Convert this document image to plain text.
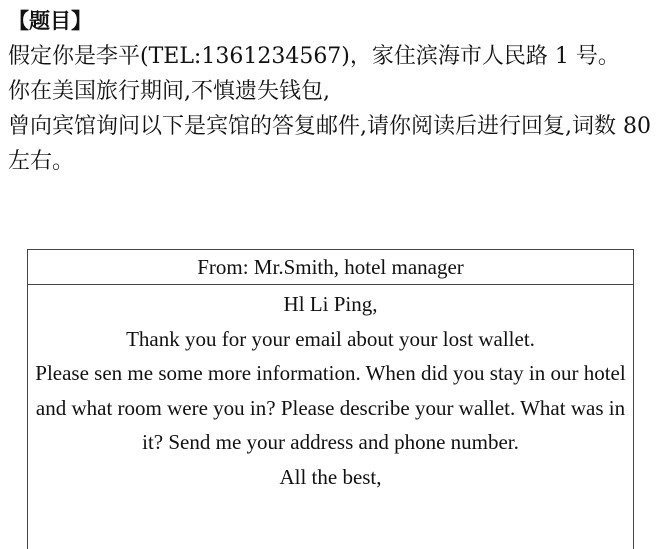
【题目】
假定你是李平(TEL:1361234567)，家住滨海市人民路 1 号。
你在美国旅行期间,不慎遗失钱包,
曾向宾馆询问以下是宾馆的答复邮件,请你阅读后进行回复,词数 80 左右。
From: Mr.Smith, hotel manager
Hl Li Ping,
Thank you for your email about your lost wallet.
Please sen me some more information. When did you stay in our hotel and what room were you in? Please describe your wallet. What was in it? Send me your address and phone number.
All the best,
